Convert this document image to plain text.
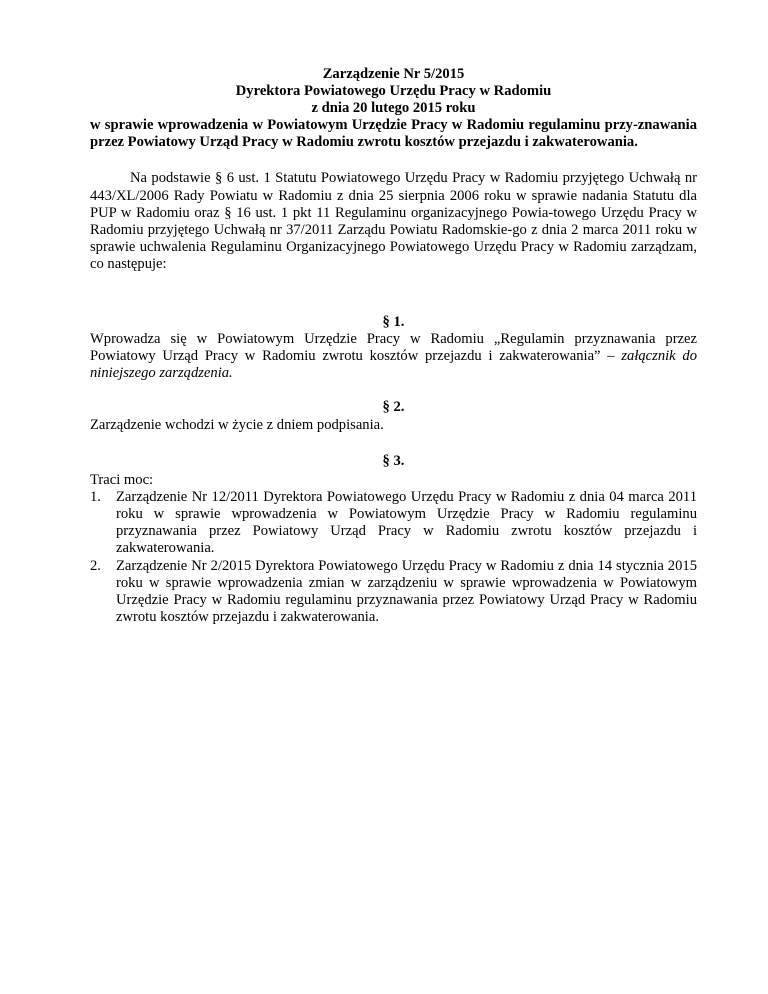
Zarządzenie Nr 5/2015
Dyrektora Powiatowego Urzędu Pracy w Radomiu
z dnia 20 lutego 2015 roku
w sprawie wprowadzenia w Powiatowym Urzędzie Pracy w Radomiu regulaminu przy-znawania przez Powiatowy Urząd Pracy w Radomiu zwrotu kosztów przejazdu i zakwaterowania.
Na podstawie § 6 ust. 1 Statutu Powiatowego Urzędu Pracy w Radomiu przyjętego Uchwałą nr 443/XL/2006 Rady Powiatu w Radomiu z dnia 25 sierpnia 2006 roku w sprawie nadania Statutu dla PUP w Radomiu oraz § 16 ust. 1 pkt 11 Regulaminu organizacyjnego Powia-towego Urzędu Pracy w Radomiu przyjętego Uchwałą nr 37/2011 Zarządu Powiatu Radomskie-go z dnia 2 marca 2011 roku w sprawie uchwalenia Regulaminu Organizacyjnego Powiatowego Urzędu Pracy w Radomiu zarządzam, co następuje:
§ 1.
Wprowadza się w Powiatowym Urzędzie Pracy w Radomiu „Regulamin przyznawania przez Powiatowy Urząd Pracy w Radomiu zwrotu kosztów przejazdu i zakwaterowania” – załącznik do niniejszego zarządzenia.
§ 2.
Zarządzenie wchodzi w życie z dniem podpisania.
§ 3.
Traci moc:
1. Zarządzenie Nr 12/2011 Dyrektora Powiatowego Urzędu Pracy w Radomiu z dnia 04 marca 2011 roku w sprawie wprowadzenia w Powiatowym Urzędzie Pracy w Radomiu regulaminu przyznawania przez Powiatowy Urząd Pracy w Radomiu zwrotu kosztów przejazdu i zakwaterowania.
2. Zarządzenie Nr 2/2015 Dyrektora Powiatowego Urzędu Pracy w Radomiu z dnia 14 stycznia 2015 roku w sprawie wprowadzenia zmian w zarządzeniu w sprawie wprowadzenia w Powiatowym Urzędzie Pracy w Radomiu regulaminu przyznawania przez Powiatowy Urząd Pracy w Radomiu zwrotu kosztów przejazdu i zakwaterowania.
